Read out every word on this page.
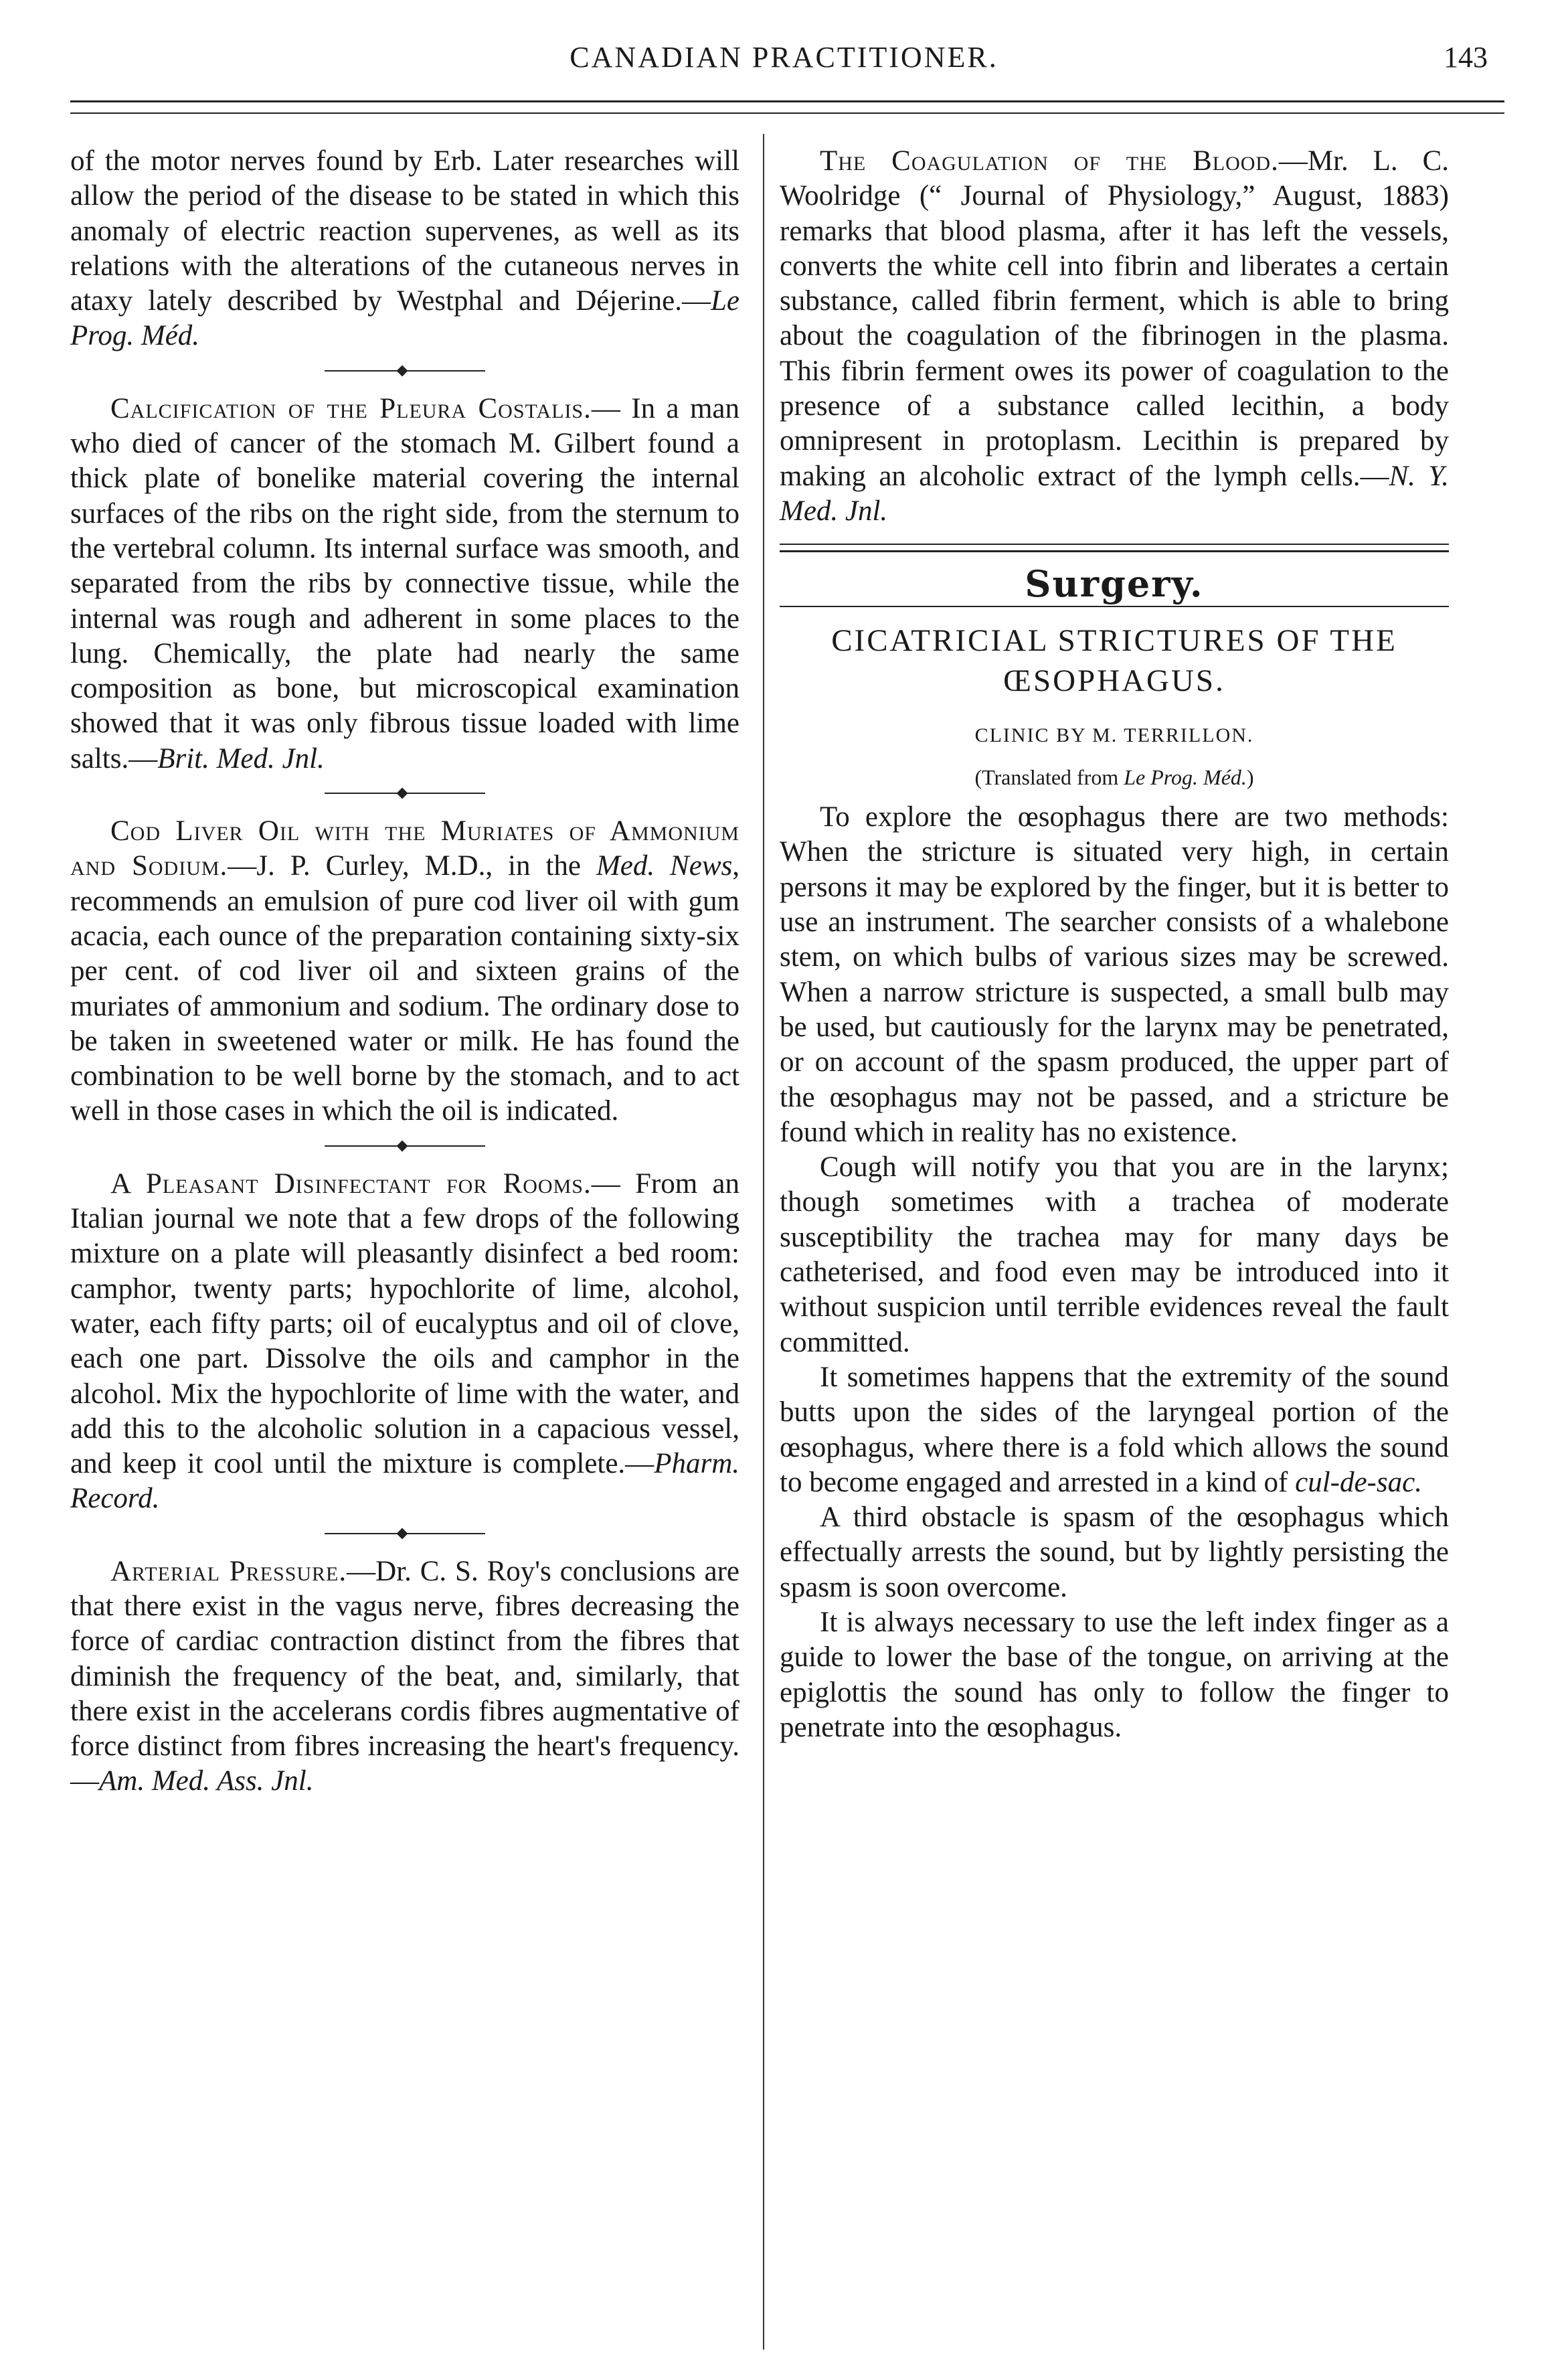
CANADIAN PRACTITIONER.	143

of the motor nerves found by Erb. Later researches will allow the period of the disease to be stated in which this anomaly of electric reaction supervenes, as well as its relations with the alterations of the cutaneous nerves in ataxy lately described by Westphal and Déjerine.—Le Prog. Méd.

Calcification of the Pleura Costalis.— In a man who died of cancer of the stomach M. Gilbert found a thick plate of bonelike material covering the internal surfaces of the ribs on the right side, from the sternum to the vertebral column. Its internal surface was smooth, and separated from the ribs by connective tissue, while the internal was rough and adherent in some places to the lung. Chemically, the plate had nearly the same composition as bone, but microscopical examination showed that it was only fibrous tissue loaded with lime salts.—Brit. Med. Jnl.

Cod Liver Oil with the Muriates of Ammonium and Sodium.—J. P. Curley, M.D., in the Med. News, recommends an emulsion of pure cod liver oil with gum acacia, each ounce of the preparation containing sixty-six per cent. of cod liver oil and sixteen grains of the muriates of ammonium and sodium. The ordinary dose to be taken in sweetened water or milk. He has found the combination to be well borne by the stomach, and to act well in those cases in which the oil is indicated.

A Pleasant Disinfectant for Rooms.— From an Italian journal we note that a few drops of the following mixture on a plate will pleasantly disinfect a bed room: camphor, twenty parts; hypochlorite of lime, alcohol, water, each fifty parts; oil of eucalyptus and oil of clove, each one part. Dissolve the oils and camphor in the alcohol. Mix the hypochlorite of lime with the water, and add this to the alcoholic solution in a capacious vessel, and keep it cool until the mixture is complete.—Pharm. Record.

Arterial Pressure.—Dr. C. S. Roy's conclusions are that there exist in the vagus nerve, fibres decreasing the force of cardiac contraction distinct from the fibres that diminish the frequency of the beat, and, similarly, that there exist in the accelerans cordis fibres augmentative of force distinct from fibres increasing the heart's frequency.—Am. Med. Ass. Jnl.

The Coagulation of the Blood.—Mr. L. C. Woolridge (“ Journal of Physiology,” August, 1883) remarks that blood plasma, after it has left the vessels, converts the white cell into fibrin and liberates a certain substance, called fibrin ferment, which is able to bring about the coagulation of the fibrinogen in the plasma. This fibrin ferment owes its power of coagulation to the presence of a substance called lecithin, a body omnipresent in protoplasm. Lecithin is prepared by making an alcoholic extract of the lymph cells.—N. Y. Med. Jnl.

Surgery.
CICATRICIAL STRICTURES OF THE ŒSOPHAGUS.
CLINIC BY M. TERRILLON.
(Translated from Le Prog. Méd.)

To explore the œsophagus there are two methods: When the stricture is situated very high, in certain persons it may be explored by the finger, but it is better to use an instrument. The searcher consists of a whalebone stem, on which bulbs of various sizes may be screwed. When a narrow stricture is suspected, a small bulb may be used, but cautiously for the larynx may be penetrated, or on account of the spasm produced, the upper part of the œsophagus may not be passed, and a stricture be found which in reality has no existence.

Cough will notify you that you are in the larynx; though sometimes with a trachea of moderate susceptibility the trachea may for many days be catheterised, and food even may be introduced into it without suspicion until terrible evidences reveal the fault committed.

It sometimes happens that the extremity of the sound butts upon the sides of the laryngeal portion of the œsophagus, where there is a fold which allows the sound to become engaged and arrested in a kind of cul-de-sac.

A third obstacle is spasm of the œsophagus which effectually arrests the sound, but by lightly persisting the spasm is soon overcome.

It is always necessary to use the left index finger as a guide to lower the base of the tongue, on arriving at the epiglottis the sound has only to follow the finger to penetrate into the œsophagus.
